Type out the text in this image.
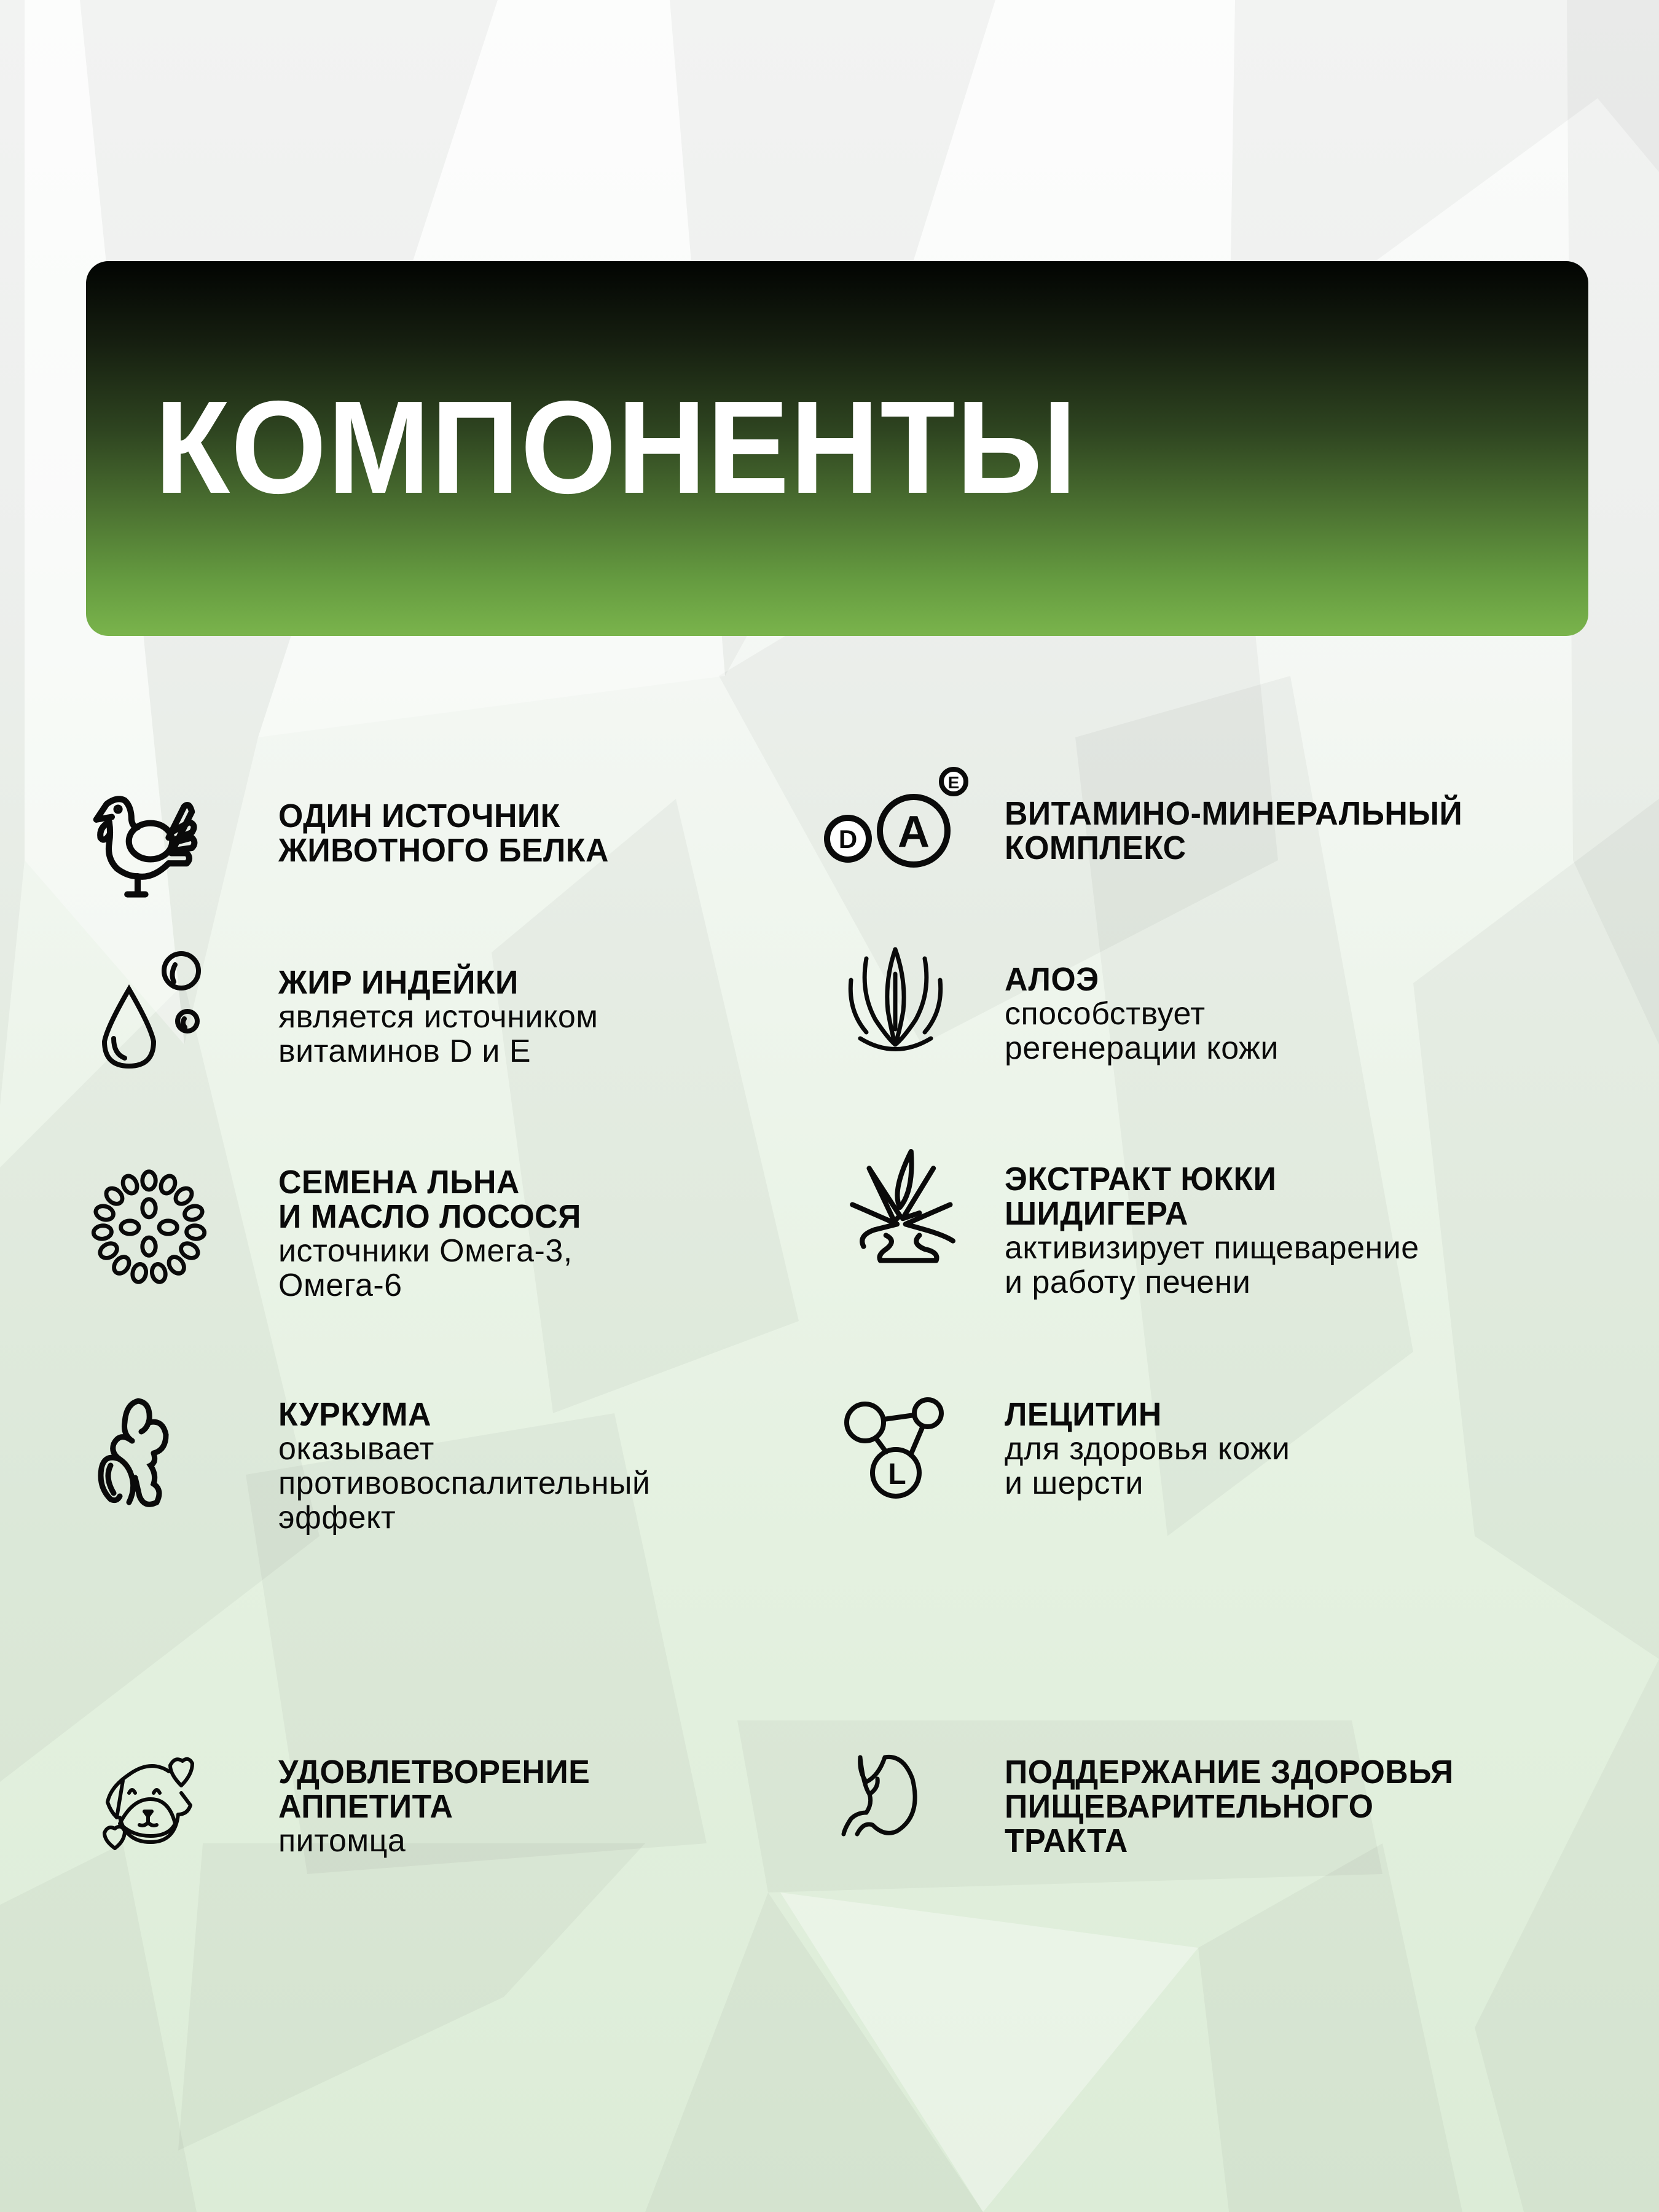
КОМПОНЕНТЫ
ОДИН ИСТОЧНИК
ЖИВОТНОГО БЕЛКА
ЖИР ИНДЕЙКИ
является источником
витаминов D и E
СЕМЕНА ЛЬНА
И МАСЛО ЛОСОСЯ
источники Омега-3,
Омега-6
КУРКУМА
оказывает
противовоспалительный
эффект
УДОВЛЕТВОРЕНИЕ
АППЕТИТА
питомца
D A
E
ВИТАМИНО-МИНЕРАЛЬНЫЙ
КОМПЛЕКС
АЛОЭ
способствует
регенерации кожи
ЭКСТРАКТ ЮККИ
ШИДИГЕРА
активизирует пищеварение
и работу печени
L
ЛЕЦИТИН
для здоровья кожи
и шерсти
ПОДДЕРЖАНИЕ ЗДОРОВЬЯ
ПИЩЕВАРИТЕЛЬНОГО
ТРАКТА
